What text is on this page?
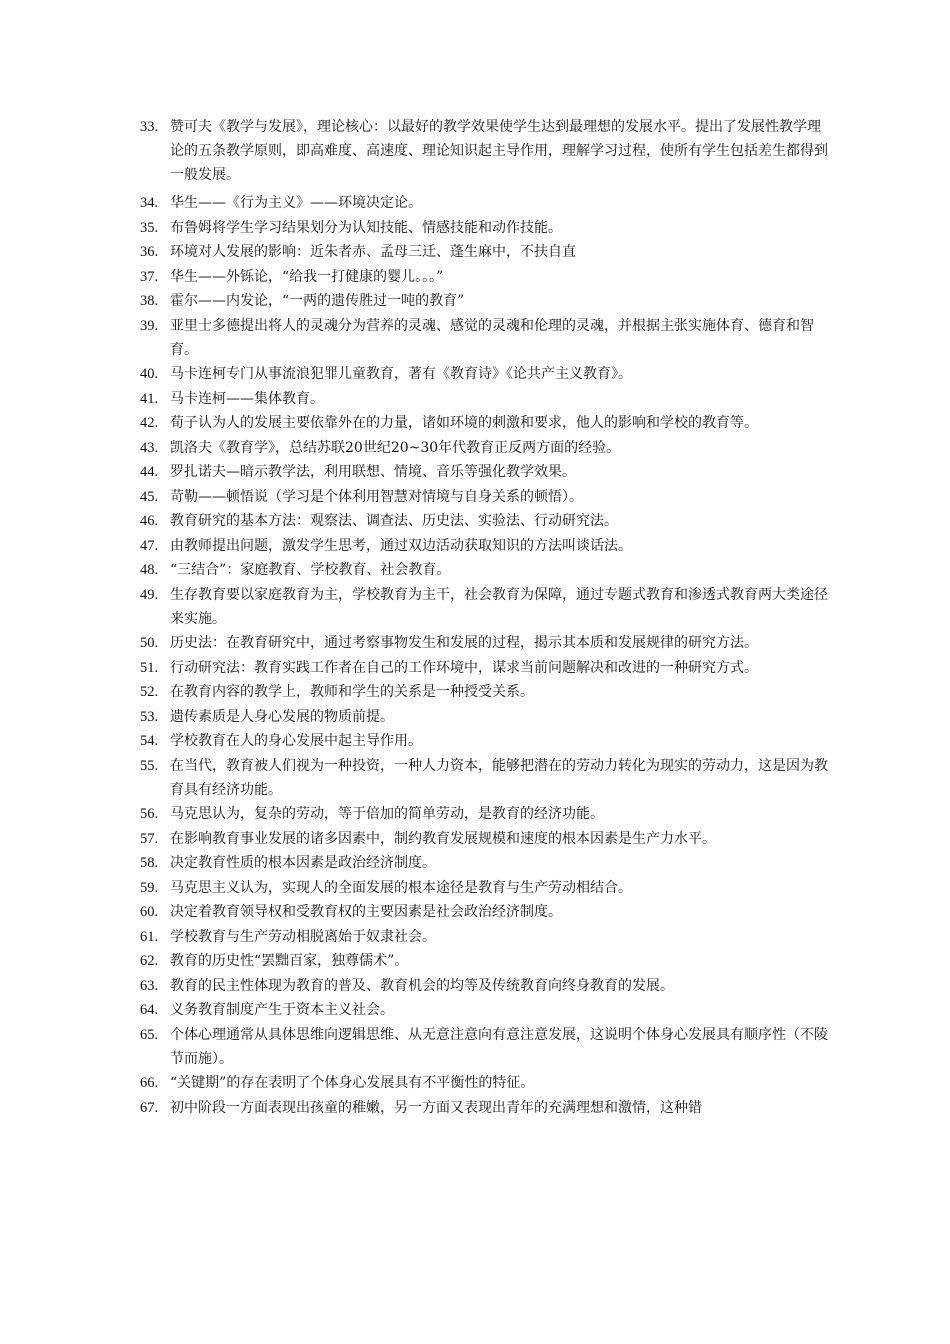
33. 赞可夫《教学与发展》，理论核心：以最好的教学效果使学生达到最理想的发展水平。提出了发展性教学理论的五条教学原则，即高难度、高速度、理论知识起主导作用，理解学习过程，使所有学生包括差生都得到一般发展。
34. 华生——《行为主义》——环境决定论。
35. 布鲁姆将学生学习结果划分为认知技能、情感技能和动作技能。
36. 环境对人发展的影响：近朱者赤、孟母三迁、蓬生麻中，不扶自直
37. 华生——外铄论，“给我一打健康的婴儿。。。”
38. 霍尔——内发论，“一两的遗传胜过一吨的教育”
39. 亚里士多德提出将人的灵魂分为营养的灵魂、感觉的灵魂和伦理的灵魂，并根据主张实施体育、德育和智育。
40. 马卡连柯专门从事流浪犯罪儿童教育，著有《教育诗》《论共产主义教育》。
41. 马卡连柯——集体教育。
42. 荀子认为人的发展主要依靠外在的力量，诸如环境的刺激和要求，他人的影响和学校的教育等。
43. 凯洛夫《教育学》，总结苏联20世纪20~30年代教育正反两方面的经验。
44. 罗扎诺夫—暗示教学法，利用联想、情境、音乐等强化教学效果。
45. 苛勒——顿悟说（学习是个体利用智慧对情境与自身关系的顿悟）。
46. 教育研究的基本方法：观察法、调查法、历史法、实验法、行动研究法。
47. 由教师提出问题，激发学生思考，通过双边活动获取知识的方法叫谈话法。
48. “三结合”：家庭教育、学校教育、社会教育。
49. 生存教育要以家庭教育为主，学校教育为主干，社会教育为保障，通过专题式教育和渗透式教育两大类途径来实施。
50. 历史法：在教育研究中，通过考察事物发生和发展的过程，揭示其本质和发展规律的研究方法。
51. 行动研究法：教育实践工作者在自己的工作环境中，谋求当前问题解决和改进的一种研究方式。
52. 在教育内容的教学上，教师和学生的关系是一种授受关系。
53. 遗传素质是人身心发展的物质前提。
54. 学校教育在人的身心发展中起主导作用。
55. 在当代，教育被人们视为一种投资，一种人力资本，能够把潜在的劳动力转化为现实的劳动力，这是因为教育具有经济功能。
56. 马克思认为，复杂的劳动，等于倍加的简单劳动，是教育的经济功能。
57. 在影响教育事业发展的诸多因素中，制约教育发展规模和速度的根本因素是生产力水平。
58. 决定教育性质的根本因素是政治经济制度。
59. 马克思主义认为，实现人的全面发展的根本途径是教育与生产劳动相结合。
60. 决定着教育领导权和受教育权的主要因素是社会政治经济制度。
61. 学校教育与生产劳动相脱离始于奴隶社会。
62. 教育的历史性“罢黜百家，独尊儒术”。
63. 教育的民主性体现为教育的普及、教育机会的均等及传统教育向终身教育的发展。
64. 义务教育制度产生于资本主义社会。
65. 个体心理通常从具体思维向逻辑思维、从无意注意向有意注意发展，这说明个体身心发展具有顺序性（不陵节而施）。
66. “关键期”的存在表明了个体身心发展具有不平衡性的特征。
67. 初中阶段一方面表现出孩童的稚嫩，另一方面又表现出青年的充满理想和激情，这种错
